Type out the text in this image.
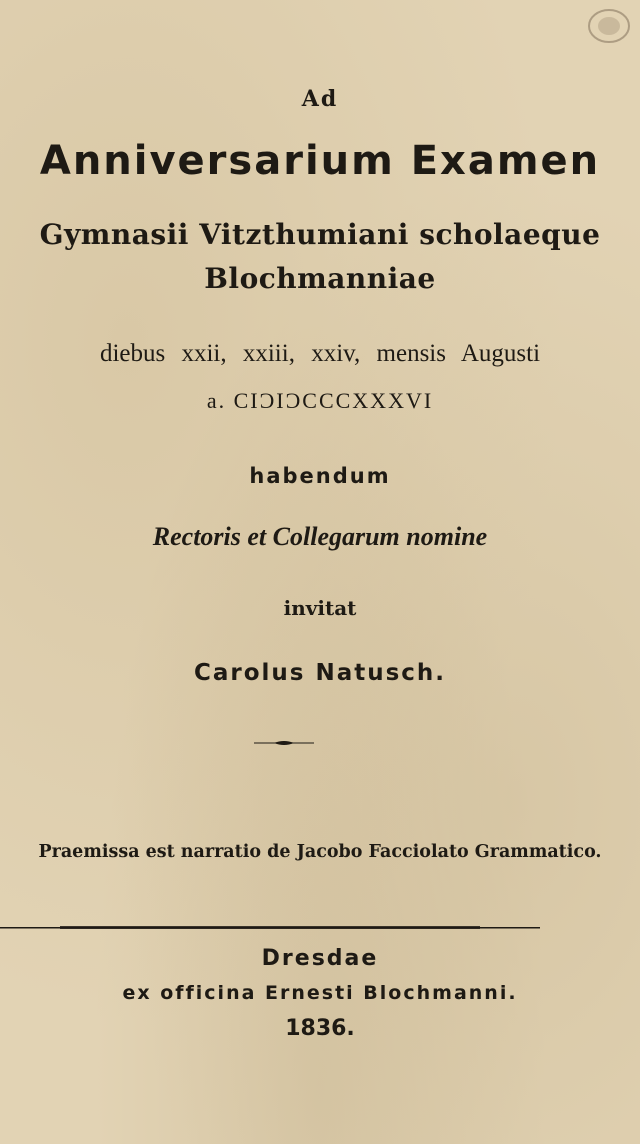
Ad
Anniversarium Examen
Gymnasii Vitzthumiani scholaeque
Blochmanniae
diebus xxii, xxiii, xxiv, mensis Augusti
a. CIƆIƆCCCXXXVI
habendum
Rectoris et Collegarum nomine
invitat
Carolus Natusch.
Praemissa est narratio de Jacobo Facciolato Grammatico.
Dresdae
ex officina Ernesti Blochmanni.
1836.
